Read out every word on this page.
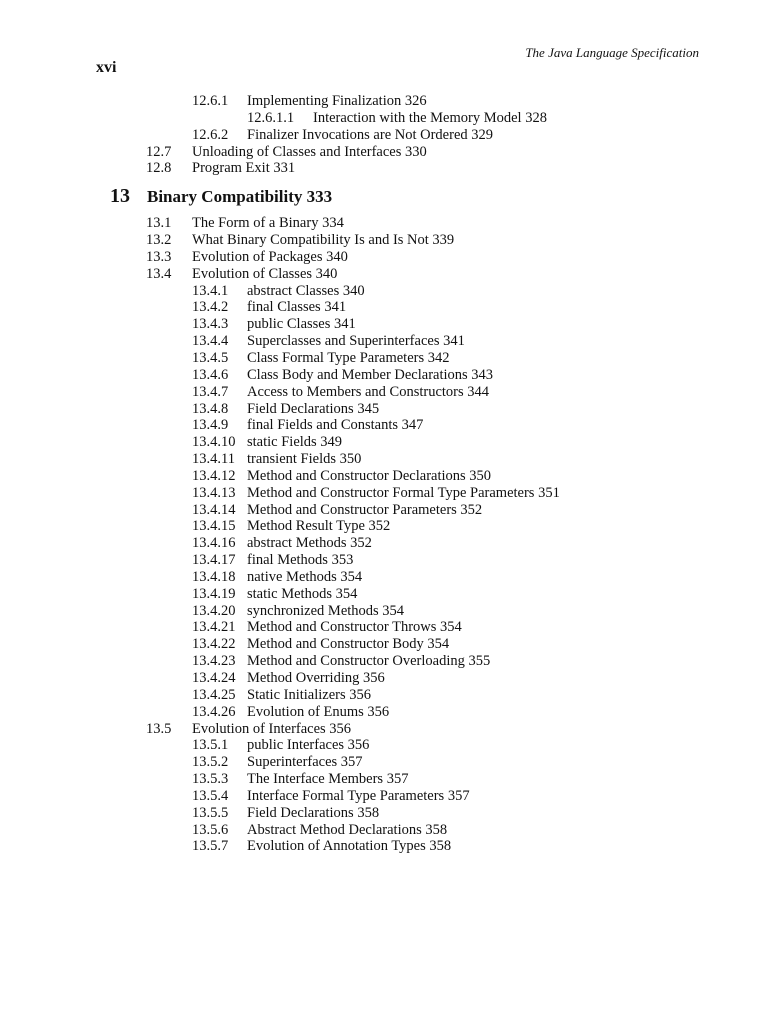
The Java Language Specification
xvi
12.6.1 Implementing Finalization 326
12.6.1.1 Interaction with the Memory Model 328
12.6.2 Finalizer Invocations are Not Ordered 329
12.7 Unloading of Classes and Interfaces 330
12.8 Program Exit 331
13 Binary Compatibility 333
13.1 The Form of a Binary 334
13.2 What Binary Compatibility Is and Is Not 339
13.3 Evolution of Packages 340
13.4 Evolution of Classes 340
13.4.1 abstract Classes 340
13.4.2 final Classes 341
13.4.3 public Classes 341
13.4.4 Superclasses and Superinterfaces 341
13.4.5 Class Formal Type Parameters 342
13.4.6 Class Body and Member Declarations 343
13.4.7 Access to Members and Constructors 344
13.4.8 Field Declarations 345
13.4.9 final Fields and Constants 347
13.4.10 static Fields 349
13.4.11 transient Fields 350
13.4.12 Method and Constructor Declarations 350
13.4.13 Method and Constructor Formal Type Parameters 351
13.4.14 Method and Constructor Parameters 352
13.4.15 Method Result Type 352
13.4.16 abstract Methods 352
13.4.17 final Methods 353
13.4.18 native Methods 354
13.4.19 static Methods 354
13.4.20 synchronized Methods 354
13.4.21 Method and Constructor Throws 354
13.4.22 Method and Constructor Body 354
13.4.23 Method and Constructor Overloading 355
13.4.24 Method Overriding 356
13.4.25 Static Initializers 356
13.4.26 Evolution of Enums 356
13.5 Evolution of Interfaces 356
13.5.1 public Interfaces 356
13.5.2 Superinterfaces 357
13.5.3 The Interface Members 357
13.5.4 Interface Formal Type Parameters 357
13.5.5 Field Declarations 358
13.5.6 Abstract Method Declarations 358
13.5.7 Evolution of Annotation Types 358
